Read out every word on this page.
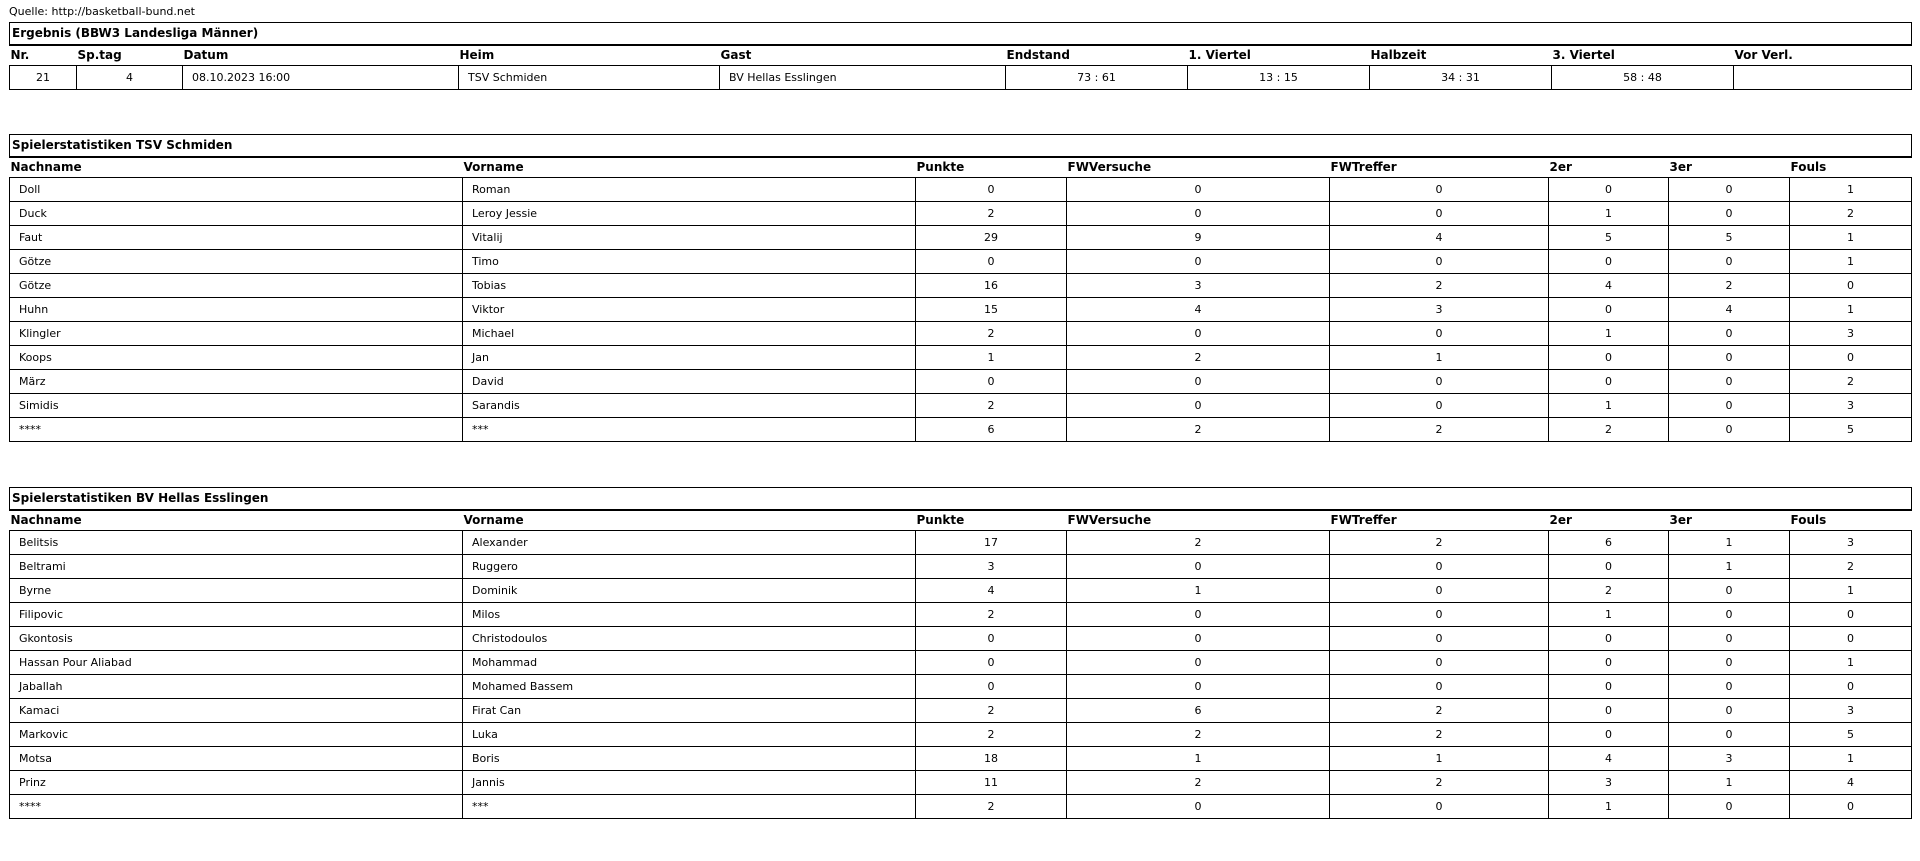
Quelle: http://basketball-bund.net
Ergebnis (BBW3 Landesliga Männer)									
Nr.	Sp.tag	Datum	Heim	Gast	Endstand	1. Viertel	Halbzeit	3. Viertel	Vor Verl.
21	4	08.10.2023 16:00	TSV Schmiden	BV Hellas Esslingen	73 : 61	13 : 15	34 : 31	58 : 48	
Spielerstatistiken TSV Schmiden							
Nachname	Vorname	Punkte	FWVersuche	FWTreffer	2er	3er	Fouls
Doll	Roman	0	0	0	0	0	1
Duck	Leroy Jessie	2	0	0	1	0	2
Faut	Vitalij	29	9	4	5	5	1
Götze	Timo	0	0	0	0	0	1
Götze	Tobias	16	3	2	4	2	0
Huhn	Viktor	15	4	3	0	4	1
Klingler	Michael	2	0	0	1	0	3
Koops	Jan	1	2	1	0	0	0
März	David	0	0	0	0	0	2
Simidis	Sarandis	2	0	0	1	0	3
****	***	6	2	2	2	0	5
Spielerstatistiken BV Hellas Esslingen							
Nachname	Vorname	Punkte	FWVersuche	FWTreffer	2er	3er	Fouls
Belitsis	Alexander	17	2	2	6	1	3
Beltrami	Ruggero	3	0	0	0	1	2
Byrne	Dominik	4	1	0	2	0	1
Filipovic	Milos	2	0	0	1	0	0
Gkontosis	Christodoulos	0	0	0	0	0	0
Hassan Pour Aliabad	Mohammad	0	0	0	0	0	1
Jaballah	Mohamed Bassem	0	0	0	0	0	0
Kamaci	Firat Can	2	6	2	0	0	3
Markovic	Luka	2	2	2	0	0	5
Motsa	Boris	18	1	1	4	3	1
Prinz	Jannis	11	2	2	3	1	4
****	***	2	0	0	1	0	0
